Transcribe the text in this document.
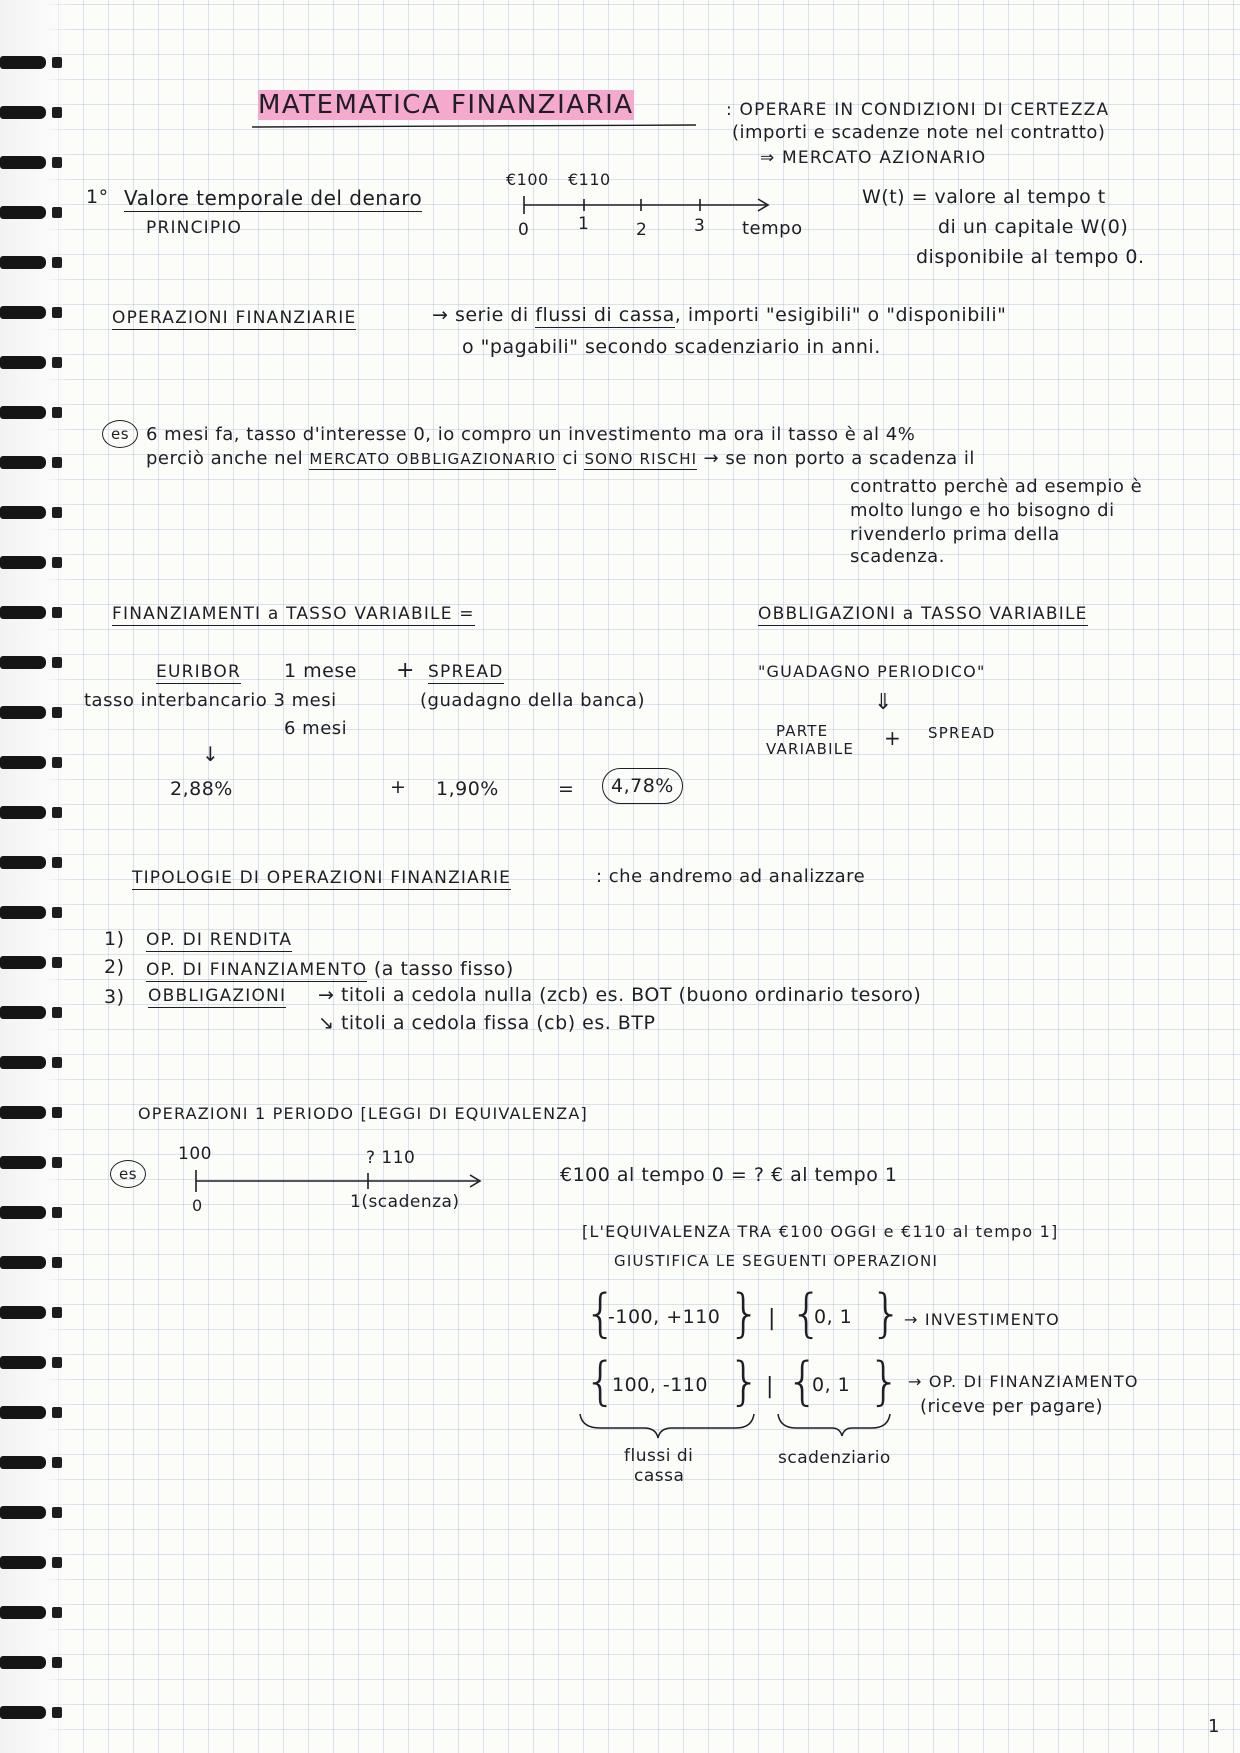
MATEMATICA FINANZIARIA	: OPERARE IN CONDIZIONI DI CERTEZZA
(importi e scadenze note nel contratto)
⇒ MERCATO AZIONARIO
1° Valore temporale del denaro
PRINCIPIO
€100 €110
0	1	2	3 tempo
W(t) = valore al tempo t
di un capitale W(0)
disponibile al tempo 0.
OPERAZIONI FINANZIARIE	→ serie di flussi di cassa, importi "esigibili" o "disponibili"
o "pagabili" secondo scadenziario in anni.
es 6 mesi fa, tasso d'interesse 0, io compro un investimento ma ora il tasso è al 4%
perciò anche nel MERCATO OBBLIGAZIONARIO ci SONO RISCHI → se non porto a scadenza il
contratto perchè ad esempio è
molto lungo e ho bisogno di
rivenderlo prima della
scadenza.
FINANZIAMENTI a TASSO VARIABILE =
EURIBOR 1 mese + SPREAD
tasso interbancario 3 mesi
6 mesi
(guadagno della banca)
↓
2,88%	+ 1,90%	=	4,78%
OBBLIGAZIONI a TASSO VARIABILE
"GUADAGNO PERIODICO"
⇓
PARTE
VARIABILE + SPREAD
TIPOLOGIE DI OPERAZIONI FINANZIARIE	: che andremo ad analizzare
1) OP. DI RENDITA
2) OP. DI FINANZIAMENTO (a tasso fisso)
3) OBBLIGAZIONI → titoli a cedola nulla (zcb) es. BOT (buono ordinario tesoro)
↘ titoli a cedola fissa (cb) es. BTP
OPERAZIONI 1 PERIODO [LEGGI DI EQUIVALENZA]
es
100	? 110
0	1(scadenza)
€100 al tempo 0 = ? € al tempo 1
[L'EQUIVALENZA TRA €100 OGGI e €110 al tempo 1]
GIUSTIFICA LE SEGUENTI OPERAZIONI
{
-100, +110 } | {
0, 1 } → INVESTIMENTO
{
100, -110 } | {
0, 1 } → OP. DI FINANZIAMENTO
(riceve per pagare)
flussi di
cassa
scadenziario
1
